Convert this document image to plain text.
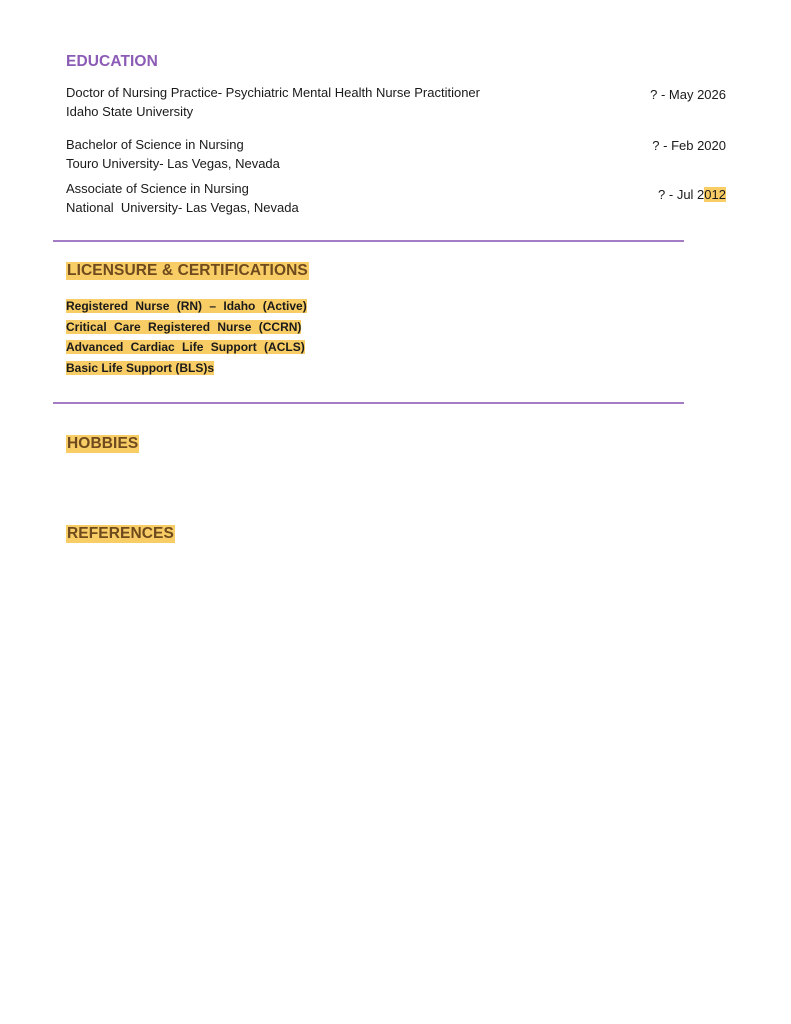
EDUCATION
Doctor of Nursing Practice- Psychiatric Mental Health Nurse Practitioner
Idaho State University
? - May 2026
Bachelor of Science in Nursing
Touro University- Las Vegas, Nevada
? - Feb 2020
Associate of Science in Nursing
National  University- Las Vegas, Nevada
? - Jul 2012
LICENSURE & CERTIFICATIONS
Registered Nurse (RN) – Idaho (Active)
Critical Care Registered Nurse (CCRN)
Advanced Cardiac Life Support (ACLS)
Basic Life Support (BLS)s
HOBBIES
REFERENCES
